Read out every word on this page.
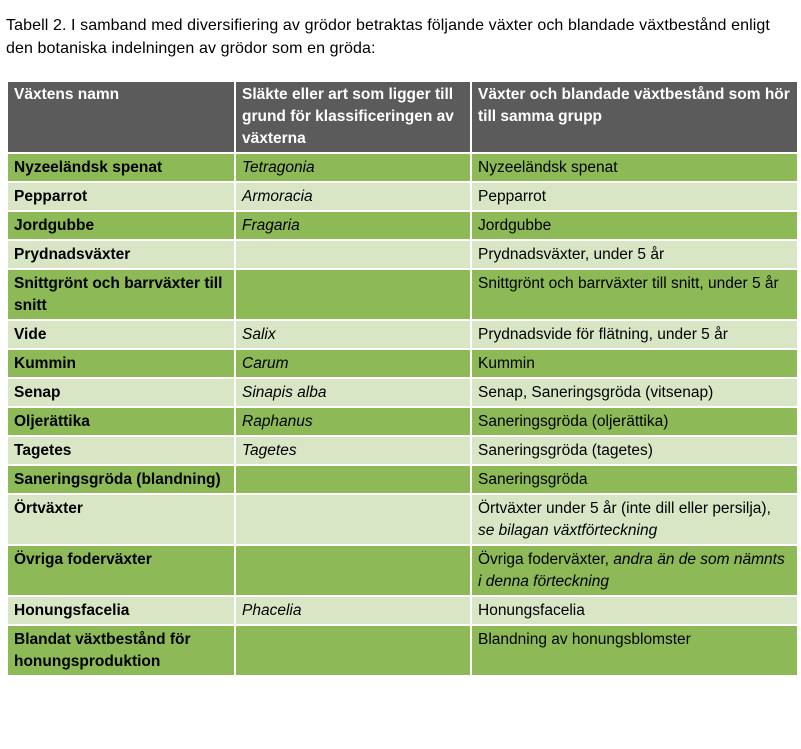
Tabell 2. I samband med diversifiering av grödor betraktas följande växter och blandade växtbestånd enligt den botaniska indelningen av grödor som en gröda:
Växtens namn	Släkte eller art som ligger till grund för klassificeringen av växterna	Växter och blandade växtbestånd som hör till samma grupp
Nyzeeländsk spenat	Tetragonia	Nyzeeländsk spenat
Pepparrot	Armoracia	Pepparrot
Jordgubbe	Fragaria	Jordgubbe
Prydnadsväxter		Prydnadsväxter, under 5 år
Snittgrönt och barrväxter till snitt		Snittgrönt och barrväxter till snitt, under 5 år
Vide	Salix	Prydnadsvide för flätning, under 5 år
Kummin	Carum	Kummin
Senap	Sinapis alba	Senap, Saneringsgröda (vitsenap)
Oljerättika	Raphanus	Saneringsgröda (oljerättika)
Tagetes	Tagetes	Saneringsgröda (tagetes)
Saneringsgröda (blandning)		Saneringsgröda
Örtväxter		Örtväxter under 5 år (inte dill eller persilja), se bilagan växtförteckning
Övriga foderväxter		Övriga foderväxter, andra än de som nämnts i denna förteckning
Honungsfacelia	Phacelia	Honungsfacelia
Blandat växtbestånd för honungsproduktion		Blandning av honungsblomster
